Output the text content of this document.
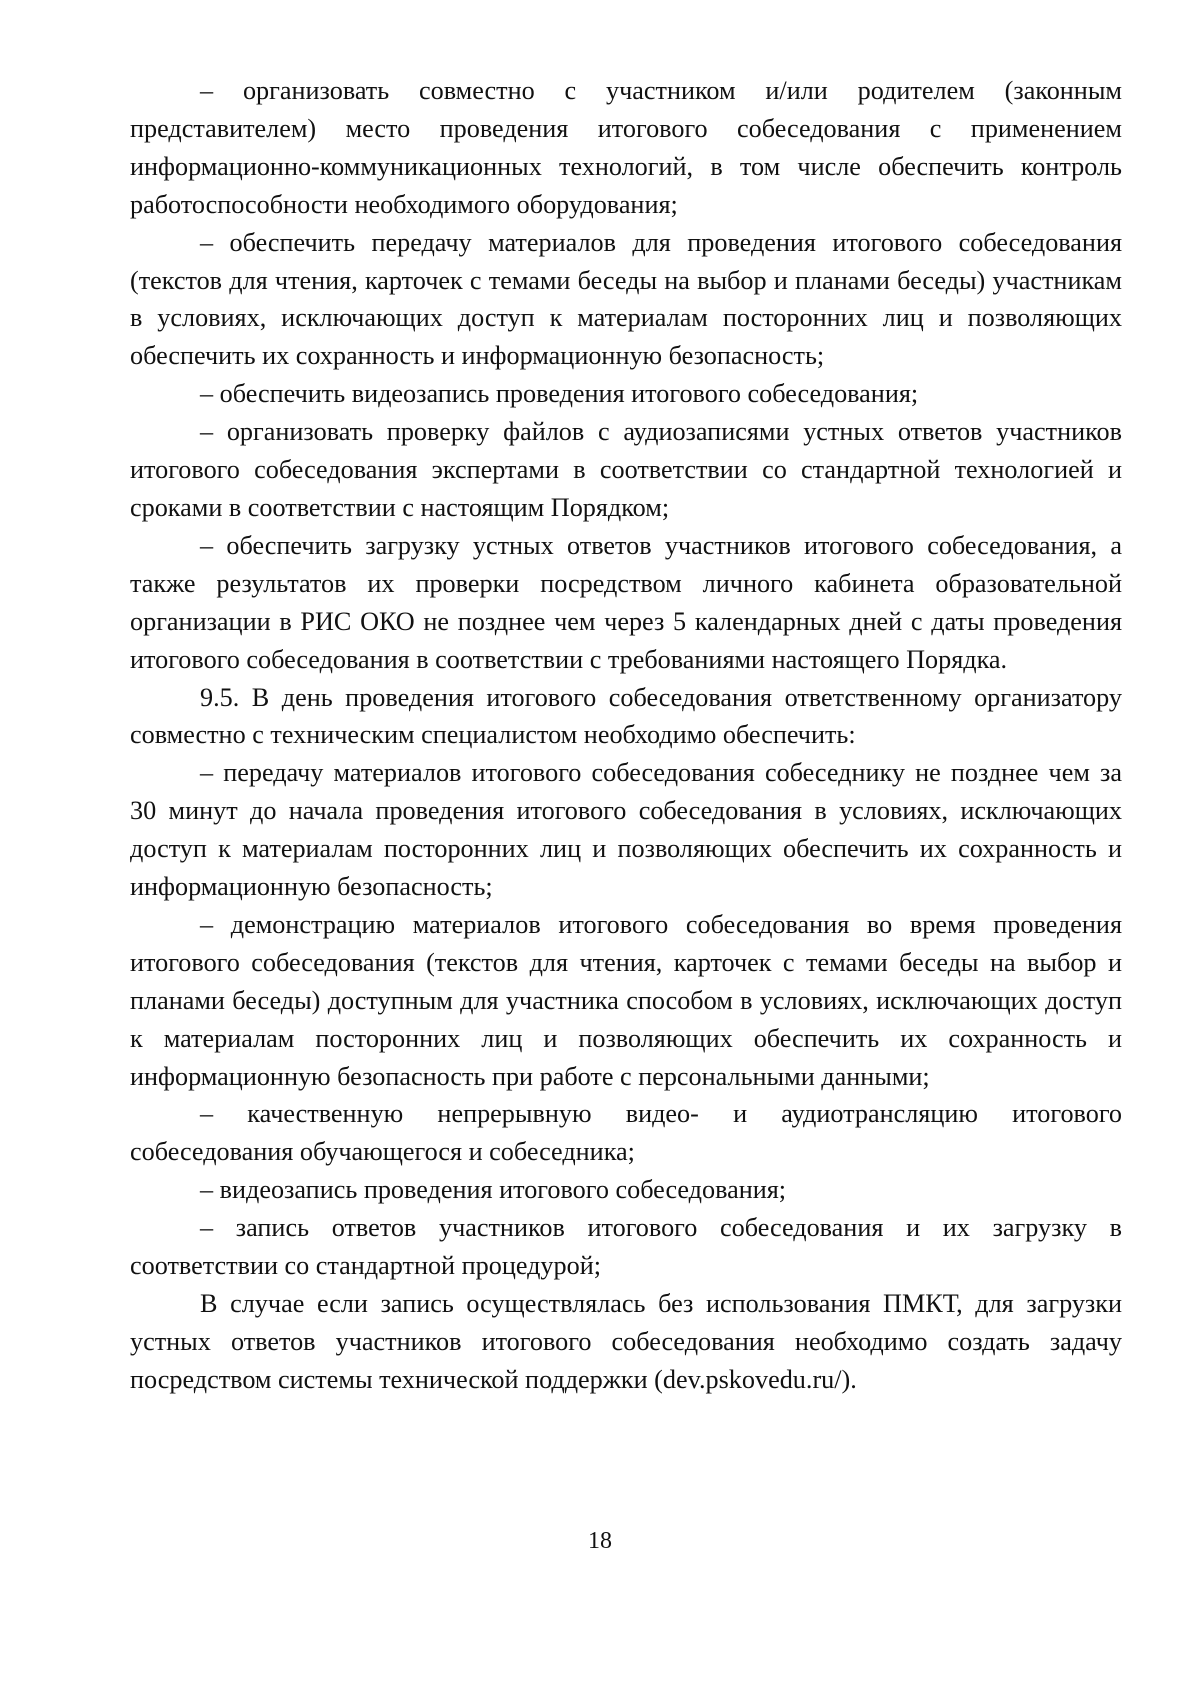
– организовать совместно с участником и/или родителем (законным представителем) место проведения итогового собеседования с применением информационно-коммуникационных технологий, в том числе обеспечить контроль работоспособности необходимого оборудования;

– обеспечить передачу материалов для проведения итогового собеседования (текстов для чтения, карточек с темами беседы на выбор и планами беседы) участникам в условиях, исключающих доступ к материалам посторонних лиц и позволяющих обеспечить их сохранность и информационную безопасность;

– обеспечить видеозапись проведения итогового собеседования;

– организовать проверку файлов с аудиозаписями устных ответов участников итогового собеседования экспертами в соответствии со стандартной технологией и сроками в соответствии с настоящим Порядком;

– обеспечить загрузку устных ответов участников итогового собеседования, а также результатов их проверки посредством личного кабинета образовательной организации в РИС ОКО не позднее чем через 5 календарных дней с даты проведения итогового собеседования в соответствии с требованиями настоящего Порядка.

9.5. В день проведения итогового собеседования ответственному организатору совместно с техническим специалистом необходимо обеспечить:

– передачу материалов итогового собеседования собеседнику не позднее чем за 30 минут до начала проведения итогового собеседования в условиях, исключающих доступ к материалам посторонних лиц и позволяющих обеспечить их сохранность и информационную безопасность;

– демонстрацию материалов итогового собеседования во время проведения итогового собеседования (текстов для чтения, карточек с темами беседы на выбор и планами беседы) доступным для участника способом в условиях, исключающих доступ к материалам посторонних лиц и позволяющих обеспечить их сохранность и информационную безопасность при работе с персональными данными;

– качественную непрерывную видео- и аудиотрансляцию итогового собеседования обучающегося и собеседника;

– видеозапись проведения итогового собеседования;

– запись ответов участников итогового собеседования и их загрузку в соответствии со стандартной процедурой;

В случае если запись осуществлялась без использования ПМКТ, для загрузки устных ответов участников итогового собеседования необходимо создать задачу посредством системы технической поддержки (dev.pskovedu.ru/).

18
